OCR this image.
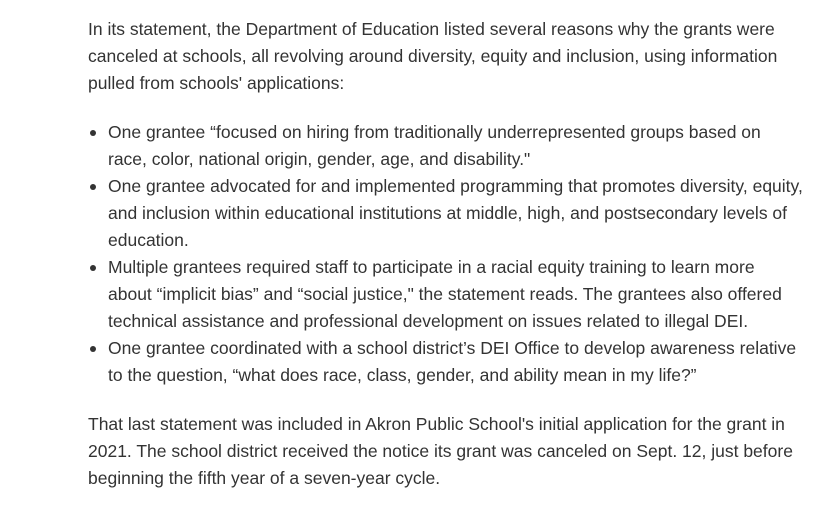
In its statement, the Department of Education listed several reasons why the grants were canceled at schools, all revolving around diversity, equity and inclusion, using information pulled from schools' applications:

One grantee “focused on hiring from traditionally underrepresented groups based on race, color, national origin, gender, age, and disability."
One grantee advocated for and implemented programming that promotes diversity, equity, and inclusion within educational institutions at middle, high, and postsecondary levels of education.
Multiple grantees required staff to participate in a racial equity training to learn more about “implicit bias” and “social justice," the statement reads. The grantees also offered technical assistance and professional development on issues related to illegal DEI.
One grantee coordinated with a school district’s DEI Office to develop awareness relative to the question, “what does race, class, gender, and ability mean in my life?”

That last statement was included in Akron Public School's initial application for the grant in 2021. The school district received the notice its grant was canceled on Sept. 12, just before beginning the fifth year of a seven-year cycle.
